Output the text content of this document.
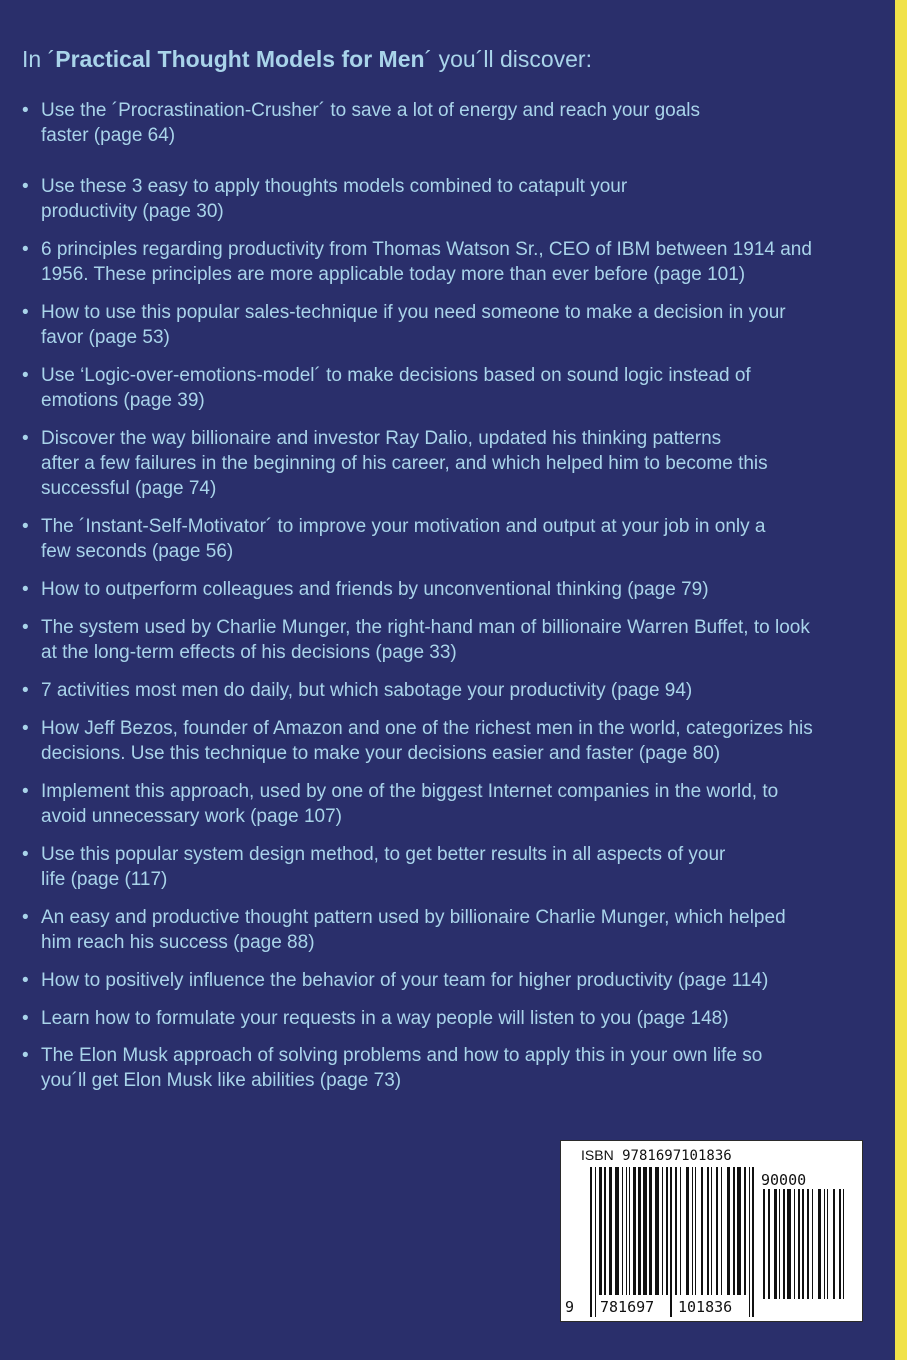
In ´Practical Thought Models for Men´ you´ll discover:
• Use the ´Procrastination-Crusher´ to save a lot of energy and reach your goals
faster (page 64)
• Use these 3 easy to apply thoughts models combined to catapult your
productivity (page 30)
• 6 principles regarding productivity from Thomas Watson Sr., CEO of IBM between 1914 and
1956. These principles are more applicable today more than ever before (page 101)
• How to use this popular sales-technique if you need someone to make a decision in your
favor (page 53)
• Use ‘Logic-over-emotions-model´ to make decisions based on sound logic instead of
emotions (page 39)
• Discover the way billionaire and investor Ray Dalio, updated his thinking patterns
after a few failures in the beginning of his career, and which helped him to become this
successful (page 74)
• The ´Instant-Self-Motivator´ to improve your motivation and output at your job in only a
few seconds (page 56)
• How to outperform colleagues and friends by unconventional thinking (page 79)
• The system used by Charlie Munger, the right-hand man of billionaire Warren Buffet, to look
at the long-term effects of his decisions (page 33)
• 7 activities most men do daily, but which sabotage your productivity (page 94)
• How Jeff Bezos, founder of Amazon and one of the richest men in the world, categorizes his
decisions. Use this technique to make your decisions easier and faster (page 80)
• Implement this approach, used by one of the biggest Internet companies in the world, to
avoid unnecessary work (page 107)
• Use this popular system design method, to get better results in all aspects of your
life (page (117)
• An easy and productive thought pattern used by billionaire Charlie Munger, which helped
him reach his success (page 88)
• How to positively influence the behavior of your team for higher productivity (page 114)
• Learn how to formulate your requests in a way people will listen to you (page 148)
• The Elon Musk approach of solving problems and how to apply this in your own life so
you´ll get Elon Musk like abilities (page 73)
ISBN 9781697101836
90000
9 781697 101836
